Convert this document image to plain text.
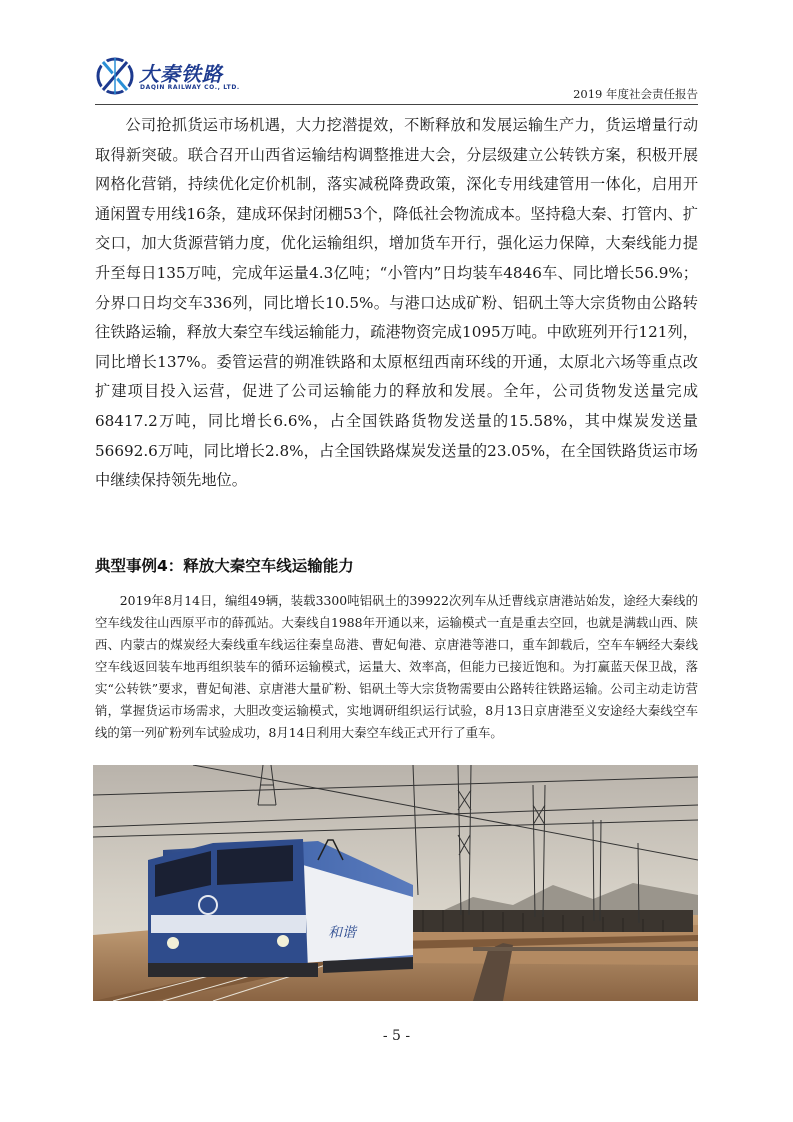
大秦铁路
DAQIN RAILWAY CO., LTD.	2019 年度社会责任报告

公司抢抓货运市场机遇，大力挖潜提效，不断释放和发展运输生产力，货运增量行动取得新突破。联合召开山西省运输结构调整推进大会，分层级建立公转铁方案，积极开展网格化营销，持续优化定价机制，落实减税降费政策，深化专用线建管用一体化，启用开通闲置专用线16条，建成环保封闭棚53个，降低社会物流成本。坚持稳大秦、打管内、扩交口，加大货源营销力度，优化运输组织，增加货车开行，强化运力保障，大秦线能力提升至每日135万吨，完成年运量4.3亿吨；“小管内”日均装车4846车、同比增长56.9%；分界口日均交车336列，同比增长10.5%。与港口达成矿粉、铝矾土等大宗货物由公路转往铁路运输，释放大秦空车线运输能力，疏港物资完成1095万吨。中欧班列开行121列，同比增长137%。委管运营的朔准铁路和太原枢纽西南环线的开通，太原北六场等重点改扩建项目投入运营，促进了公司运输能力的释放和发展。全年，公司货物发送量完成68417.2万吨，同比增长6.6%，占全国铁路货物发送量的15.58%，其中煤炭发送量56692.6万吨，同比增长2.8%，占全国铁路煤炭发送量的23.05%，在全国铁路货运市场中继续保持领先地位。

典型事例4：释放大秦空车线运输能力

2019年8月14日，编组49辆，装载3300吨铝矾土的39922次列车从迁曹线京唐港站始发，途经大秦线的空车线发往山西原平市的薛孤站。大秦线自1988年开通以来，运输模式一直是重去空回，也就是满载山西、陕西、内蒙古的煤炭经大秦线重车线运往秦皇岛港、曹妃甸港、京唐港等港口，重车卸载后，空车车辆经大秦线空车线返回装车地再组织装车的循环运输模式，运量大、效率高，但能力已接近饱和。为打赢蓝天保卫战，落实“公转铁”要求，曹妃甸港、京唐港大量矿粉、铝矾土等大宗货物需要由公路转往铁路运输。公司主动走访营销，掌握货运市场需求，大胆改变运输模式，实地调研组织运行试验，8月13日京唐港至义安途经大秦线空车线的第一列矿粉列车试验成功，8月14日利用大秦空车线正式开行了重车。

和谐
- 5 -
